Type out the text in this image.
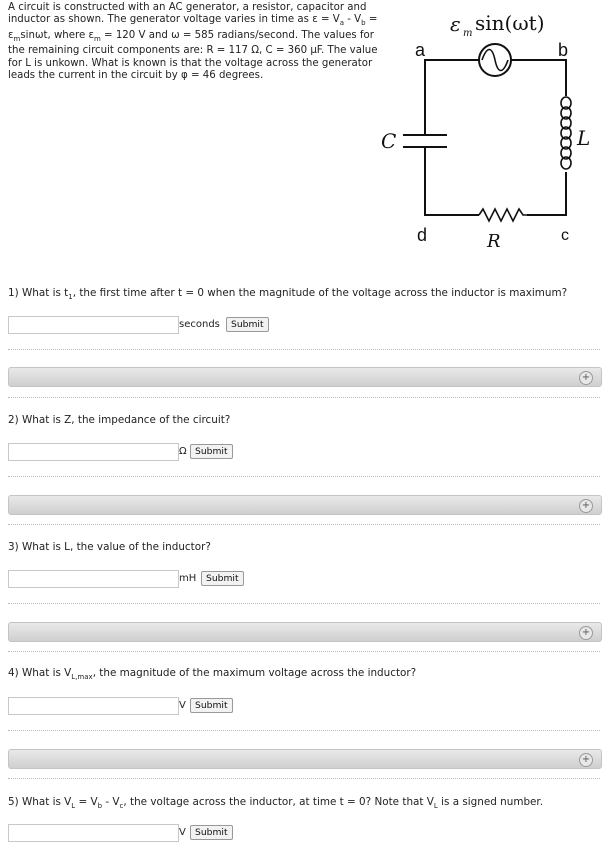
A circuit is constructed with an AC generator, a resistor, capacitor and inductor as shown. The generator voltage varies in time as $\varepsilon = V_a - V_b = \varepsilon_m\sin\omega t$, where $\varepsilon_m = 120$ V and ω = 585 radians/second. The values for the remaining circuit components are: R = 117 Ω, C = 360 μF. The value for L is unkown. What is known is that the voltage across the generator leads the current in the circuit by φ = 46 degrees.
ε m sin(ωt)
a	b
c
d
C	L
R
1) What is $t_1$, the first time after t = 0 when the magnitude of the voltage across the inductor is maximum?
seconds	Submit
+
2) What is Z, the impedance of the circuit?
Ω Submit
+
3) What is L, the value of the inductor?
mH	Submit
+
4) What is $V_{L,max}$, the magnitude of the maximum voltage across the inductor?
V Submit
+
5) What is $V_L = V_b - V_c$, the voltage across the inductor, at time t = 0? Note that $V_L$ is a signed number.
V Submit
